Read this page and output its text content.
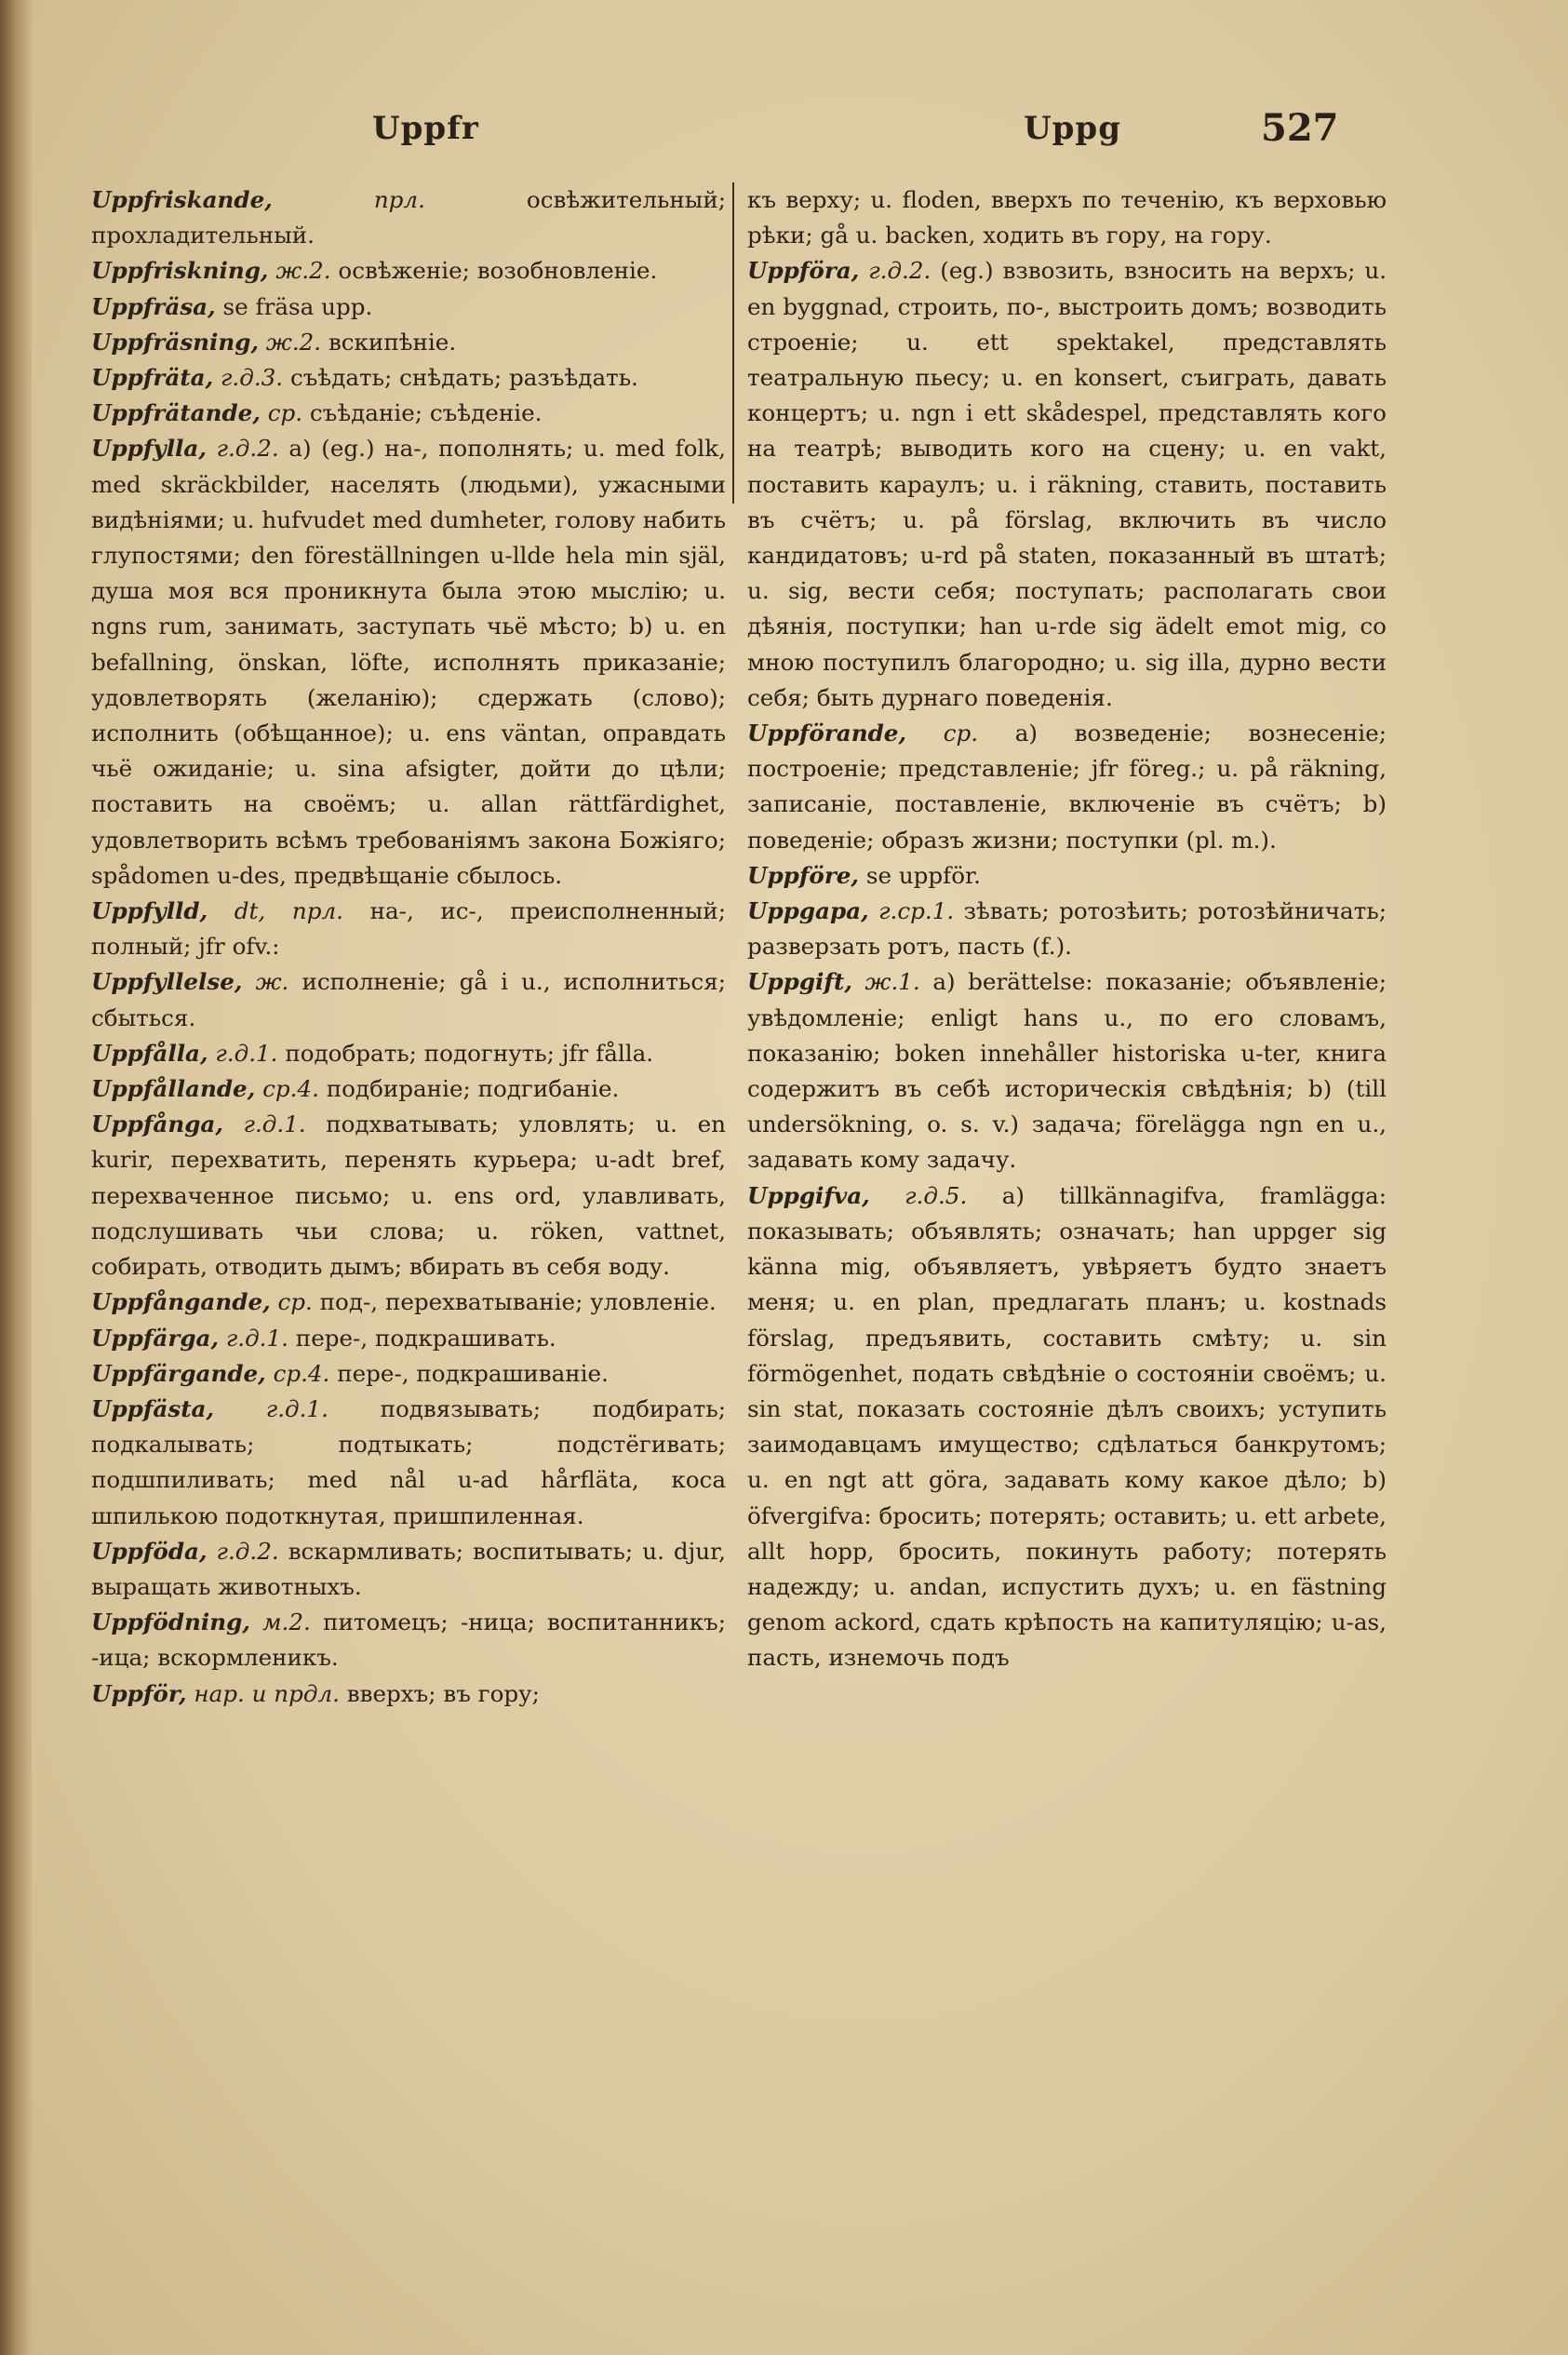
Uppfr	Uppg	527

Uppfriskande,	прл.	освѣжительный; прохладительный.

Uppfriskning, ж.2. освѣженіе; возобновленіе.

Uppfräsa, se fräsa upp.

Uppfräsning, ж.2. вскипѣніе.

Uppfräta, г.д.3. съѣдать; снѣдать; разъѣдать.

Uppfrätande, ср. съѣданіе; съѣденіе.

Uppfylla, г.д.2. a) (eg.) на-, пополнять; u. med folk, med skräckbilder, населять (людьми), ужасными видѣніями; u. hufvudet med dumheter, голову набить глупостями; den föreställningen u-llde hela min själ, душа моя вся проникнута была этою мыслію; u. ngns rum, занимать, заступать чьё мѣсто; b) u. en befallning, önskan, löfte, исполнять приказаніе; удовлетворять (желанію); сдержать (слово); исполнить (обѣщанное); u. ens väntan, оправдать чьё ожиданіе; u. sina afsigter, дойти до цѣли; поставить на своёмъ; u. allan rättfärdighet, удовлетворить всѣмъ требованіямъ закона Божіяго; spådomen u-des, предвѣщаніе сбылось.

Uppfylld, dt, прл. на-, ис-, преисполненный; полный; jfr ofv.:

Uppfyllelse, ж. исполненіе; gå i u., исполниться; сбыться.

Uppfålla, г.д.1. подобрать; подогнуть; jfr fålla.

Uppfållande, ср.4. подбираніе; подгибаніе.

Uppfånga, г.д.1. подхватывать; уловлять; u. en kurir, перехватить, перенять курьера; u-adt bref, перехваченное письмо; u. ens ord, улавливать, подслушивать чьи слова; u. röken, vattnet, собирать, отводить дымъ; вбирать въ себя воду.

Uppfångande, ср. под-, перехватываніе; уловленіе.

Uppfärga, г.д.1. пере-, подкрашивать.

Uppfärgande, ср.4. пере-, подкрашиваніе.

Uppfästa, г.д.1. подвязывать; подбирать; подкалывать; подтыкать; подстёгивать; подшпиливать; med nål u-ad hårfläta, коса шпилькою подоткнутая, пришпиленная.

Uppföda, г.д.2. вскармливать; воспитывать; u. djur, выращать животныхъ.

Uppfödning, м.2. питомецъ; -ница; воспитанникъ; -ица; вскормленикъ.

Uppför, нар. и прдл. вверхъ; въ гору;

къ верху; u. floden, вверхъ по теченію, къ верховью рѣки; gå u. backen, ходить въ гору, на гору.

Uppföra, г.д.2. (eg.) взвозить, взносить на верхъ; u. en byggnad, строить, по-, выстроить домъ; возводить строеніе; u. ett spektakel, представлять театральную пьесу; u. en konsert, съиграть, давать концертъ; u. ngn i ett skådespel, представлять кого на театрѣ; выводить кого на сцену; u. en vakt, поставить караулъ; u. i räkning, ставить, поставить въ счётъ; u. på förslag, включить въ число кандидатовъ; u-rd på staten, показанный въ штатѣ; u. sig, вести себя; поступать; располагать свои дѣянія, поступки; han u-rde sig ädelt emot mig, со мною поступилъ благородно; u. sig illa, дурно вести себя; быть дурнаго поведенія.

Uppförande, ср. a) возведеніе; вознесеніе; построеніе; представленіе; jfr föreg.; u. på räkning, записаніе, поставленіе, включеніе въ счётъ; b) поведеніе; образъ жизни; поступки (pl. m.).

Uppföre, se uppför.

Uppgapa, г.ср.1. зѣвать; ротозѣить; ротозѣйничать; разверзать ротъ, пасть (f.).

Uppgift, ж.1. a) berättelse: показаніе; объявленіе; увѣдомленіе; enligt hans u., по его словамъ, показанію; boken innehåller historiska u-ter, книга содержитъ въ себѣ историческія свѣдѣнія; b) (till undersökning, o. s. v.) задача; förelägga ngn en u., задавать кому задачу.

Uppgifva, г.д.5. a) tillkännagifva, framlägga: показывать; объявлять; означать; han uppger sig känna mig, объявляетъ, увѣряетъ будто знаетъ меня; u. en plan, предлагать планъ; u. kostnads förslag, предъявить, составить смѣту; u. sin förmögenhet, подать свѣдѣніе о состояніи своёмъ; u. sin stat, показать состояніе дѣлъ своихъ; уступить заимодавцамъ имущество; сдѣлаться банкрутомъ; u. en ngt att göra, задавать кому какое дѣло; b) öfvergifva: бросить; потерять; оставить; u. ett arbete, allt hopp, бросить, покинуть работу; потерять надежду; u. andan, испустить духъ; u. en fästning genom ackord, сдать крѣпость на капитуляцію; u-as, пасть, изнемочь подъ
